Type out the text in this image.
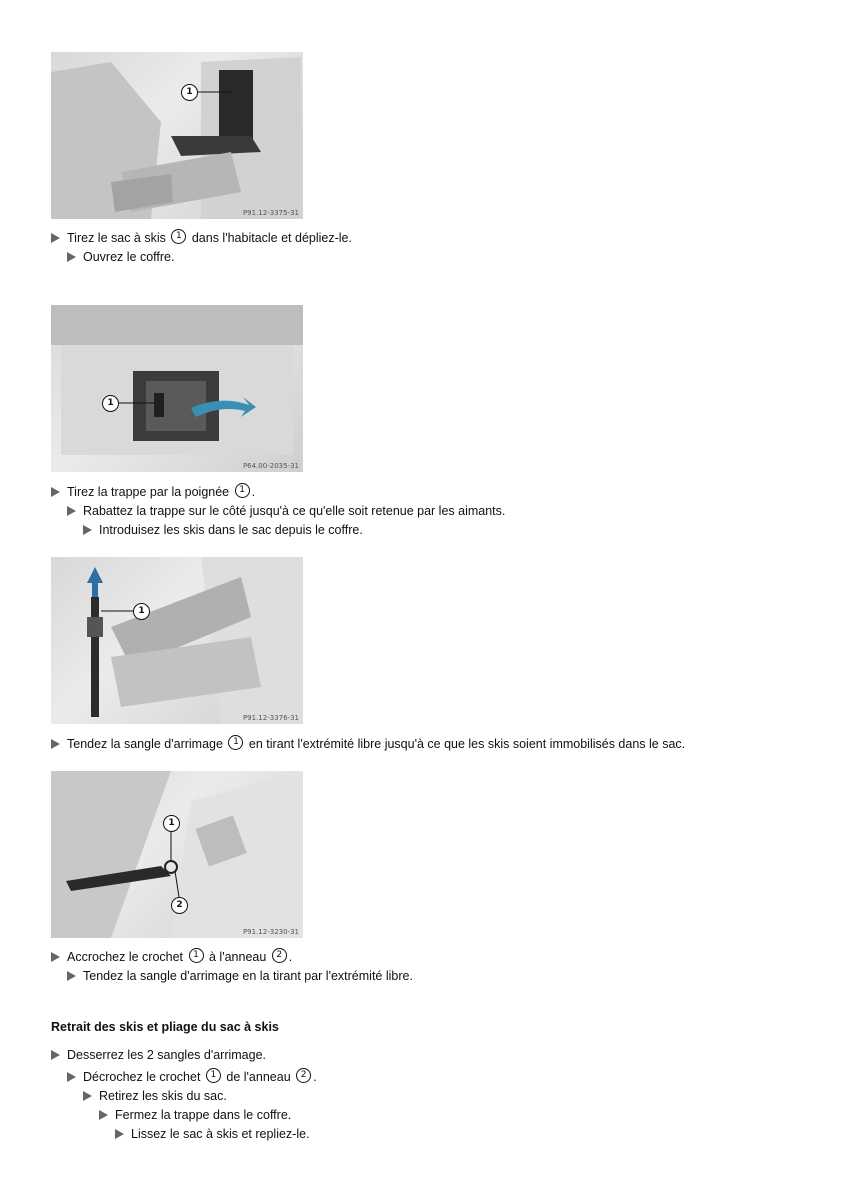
1
P91.12-3375-31
Tirez le sac à skis 1 dans l'habitacle et dépliez-le.
Ouvrez le coffre.
1
P64.00-2035-31
Tirez la trappe par la poignée 1 .
Rabattez la trappe sur le côté jusqu'à ce qu'elle soit retenue par les aimants.
Introduisez les skis dans le sac depuis le coffre.
1
P91.12-3376-31
Tendez la sangle d'arrimage 1 en tirant l'extrémité libre jusqu'à ce que les skis soient immobilisés dans le sac.
1
2
P91.12-3230-31
Accrochez le crochet 1 à l'anneau 2 .
Tendez la sangle d'arrimage en la tirant par l'extrémité libre.
Retrait des skis et pliage du sac à skis
Desserrez les 2 sangles d'arrimage.
Décrochez le crochet 1 de l'anneau 2 .
Retirez les skis du sac.
Fermez la trappe dans le coffre.
Lissez le sac à skis et repliez-le.
